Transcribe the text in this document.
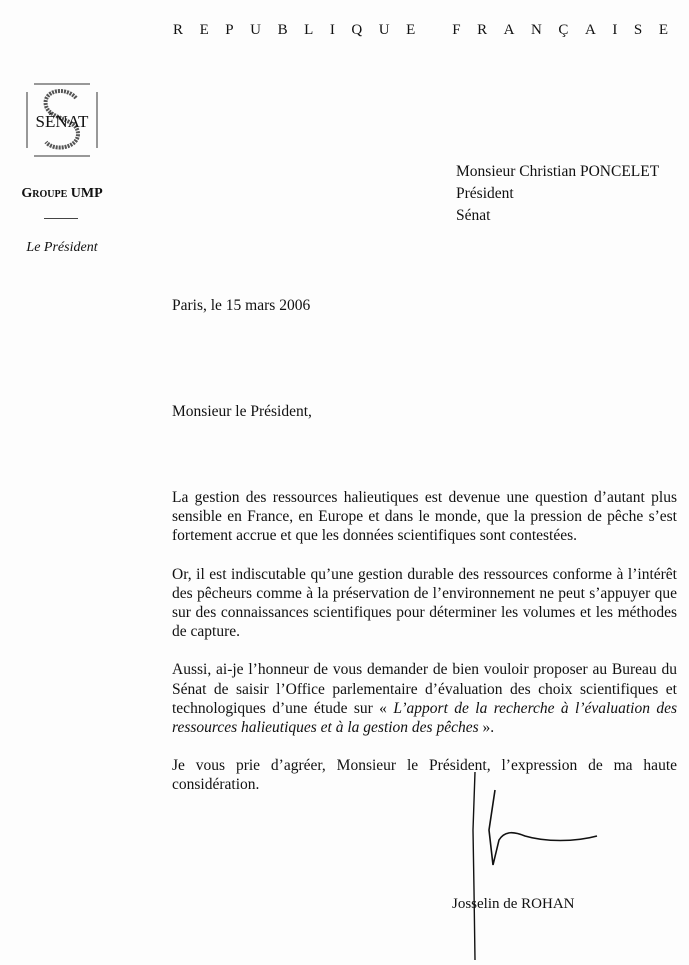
R E P U B L I Q U E
F R A N Ç A I S E
SÉNAT
Groupe UMP
Le Président
Monsieur Christian PONCELET
Président
Sénat
Paris, le 15 mars 2006
Monsieur le Président,

La gestion des ressources halieutiques est devenue une question d’autant plus sensible en France, en Europe et dans le monde, que la pression de pêche s’est fortement accrue et que les données scientifiques sont contestées.

Or, il est indiscutable qu’une gestion durable des ressources conforme à l’intérêt des pêcheurs comme à la préservation de l’environnement ne peut s’appuyer que sur des connaissances scientifiques pour déterminer les volumes et les méthodes de capture.

Aussi, ai-je l’honneur de vous demander de bien vouloir proposer au Bureau du Sénat de saisir l’Office parlementaire d’évaluation des choix scientifiques et technologiques d’une étude sur « L’apport de la recherche à l’évaluation des ressources halieutiques et à la gestion des pêches ».

Je vous prie d’agréer, Monsieur le Président, l’expression de ma haute considération.

Josselin de ROHAN
